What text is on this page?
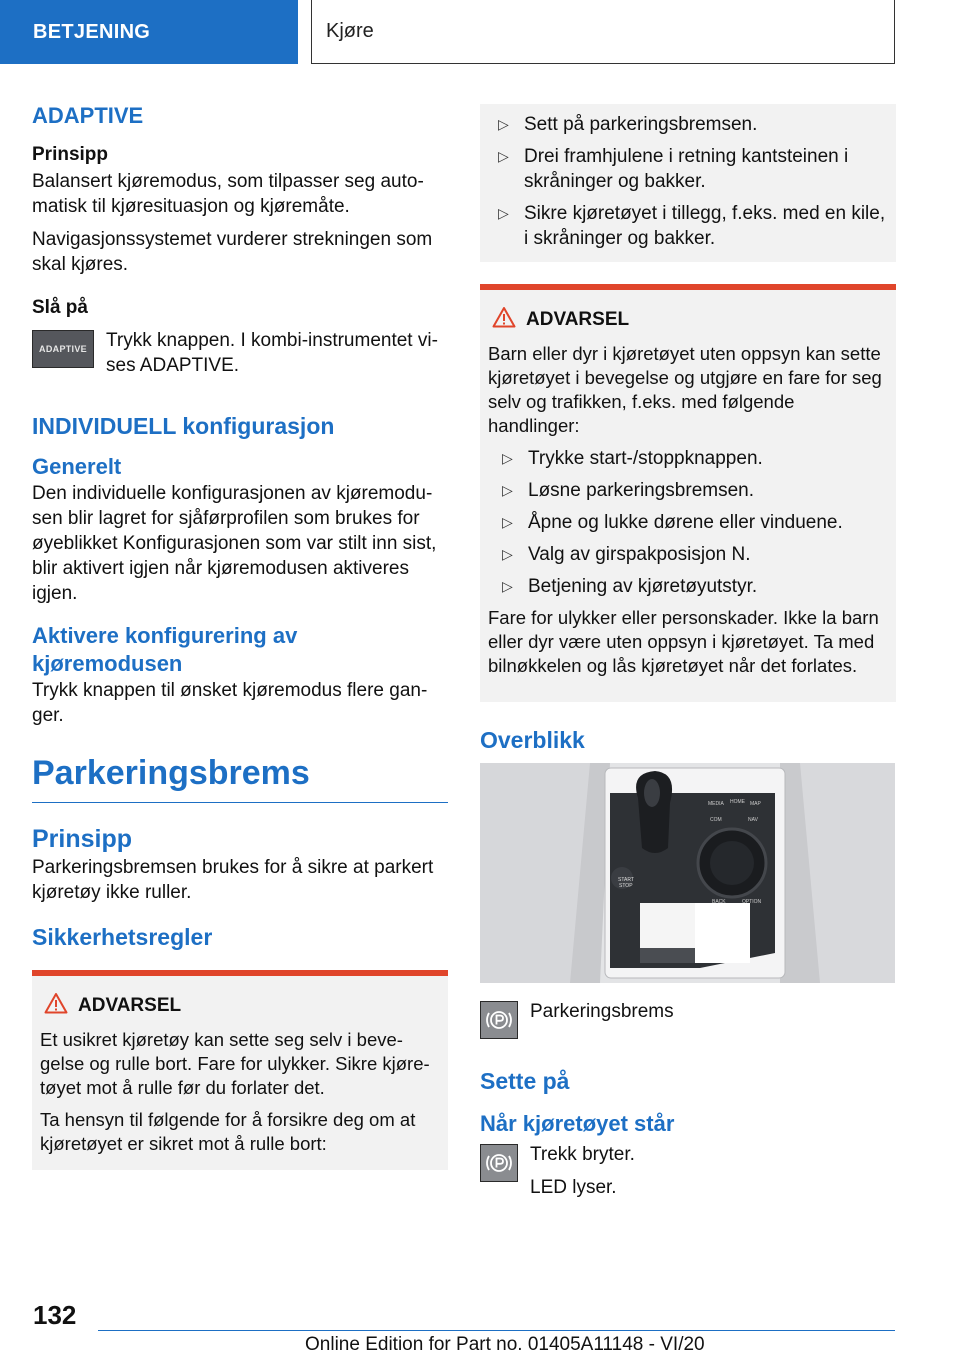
BETJENING	Kjøre
ADAPTIVE
Prinsipp

Balansert kjøremodus, som tilpasser seg auto-matisk til kjøresituasjon og kjøremåte.

Navigasjonssystemet vurderer strekningen som skal kjøres.

Slå på
ADAPTIVE	Trykk knappen. I kombi-instrumentet vi-ses ADAPTIVE.

INDIVIDUELL konfigurasjon
Generelt

Den individuelle konfigurasjonen av kjøremodu-sen blir lagret for sjåførprofilen som brukes for øyeblikket Konfigurasjonen som var stilt inn sist, blir aktivert igjen når kjøremodusen aktiveres igjen.

Aktivere konfigurering av kjøremodusen

Trykk knappen til ønsket kjøremodus flere gan-ger.

Parkeringsbrems
Prinsipp

Parkeringsbremsen brukes for å sikre at parkert kjøretøy ikke ruller.

Sikkerhetsregler
ADVARSEL

Et usikret kjøretøy kan sette seg selv i beve-gelse og rulle bort. Fare for ulykker. Sikre kjøre-tøyet mot å rulle før du forlater det.

Ta hensyn til følgende for å forsikre deg om at kjøretøyet er sikret mot å rulle bort:

▷ Sett på parkeringsbremsen.
▷ Drei framhjulene i retning kantsteinen i skråninger og bakker.
▷ Sikre kjøretøyet i tillegg, f.eks. med en kile, i skråninger og bakker.
ADVARSEL

Barn eller dyr i kjøretøyet uten oppsyn kan sette kjøretøyet i bevegelse og utgjøre en fare for seg selv og trafikken, f.eks. med følgende handlinger:

▷ Trykke start-/stoppknappen.
▷ Løsne parkeringsbremsen.
▷ Åpne og lukke dørene eller vinduene.
▷ Valg av girspakposisjon N.
▷ Betjening av kjøretøyutstyr.

Fare for ulykker eller personskader. Ikke la barn eller dyr være uten oppsyn i kjøretøyet. Ta med bilnøkkelen og lås kjøretøyet når det forlates.

Overblikk
START
STOP
MEDIA HOME MAP
COM	NAV
BACK	OPTION

Parkeringsbrems

Sette på
Når kjøretøyet står

Trekk bryter.

LED lyser.

132
Online Edition for Part no. 01405A11148 - VI/20
